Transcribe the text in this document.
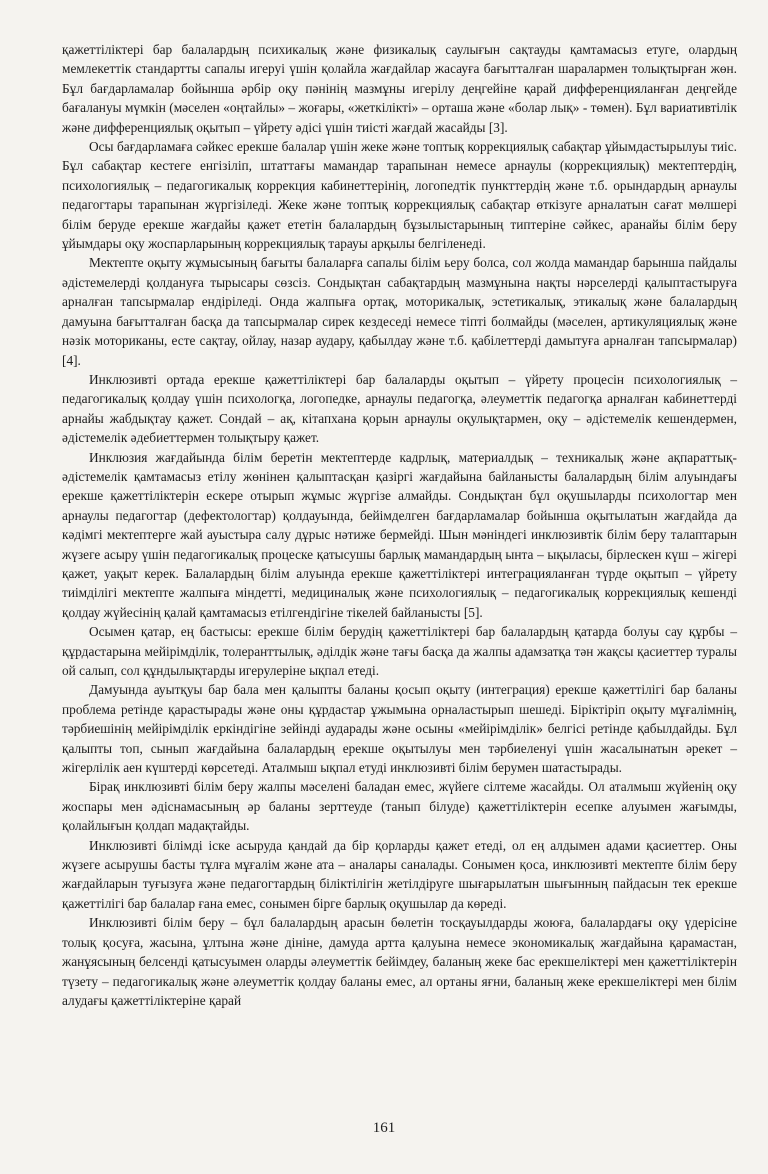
қажеттіліктері бар балалардың психикалық және физикалық саулығын сақтауды қамтамасыз етуге, олардың мемлекеттік стандартты сапалы игеруі үшін қолайла жағдайлар жасауға бағытталған шаралармен толықтырған жөн. Бұл бағдарламалар бойынша әрбір оқу пәнінің мазмұны игерілу деңгейіне қарай дифференцияланған деңгейде бағалануы мүмкін (мәселен «оңтайлы» – жоғары, «жеткілікті» – орташа және «болар лық» - төмен). Бұл вариативтілік және дифференциялық оқытып – үйрету әдісі үшін тиісті жағдай жасайды [3].

Осы бағдарламаға сәйкес ерекше балалар үшін жеке және топтық коррекциялық сабақтар ұйымдастырылуы тиіс. Бұл сабақтар кестеге енгізіліп, штаттағы мамандар тарапынан немесе арнаулы (коррекциялық) мектептердің, психологиялық – педагогикалық коррекция кабинеттерінің, логопедтік пункттердің және т.б. орындардың арнаулы педагогтары тарапынан жүргізіледі. Жеке және топтық коррекциялық сабақтар өткізуге арналатын сағат мөлшері білім беруде ерекше жағдайы қажет ететін балалардың бұзылыстарының типтеріне сәйкес, аранайы білім беру ұйымдары оқу жоспарларының коррекциялық тарауы арқылы белгіленеді.

Мектепте оқыту жұмысының бағыты балаларға сапалы білім ьеру болса, сол жолда мамандар барынша пайдалы әдістемелерді қолдануға тырысары сөзсіз. Сондықтан сабақтардың мазмұнына нақты нәрселерді қалыптастыруға арналған тапсырмалар ендіріледі. Онда жалпыға ортақ, моторикалық, эстетикалық, этикалық және балалардың дамуына бағытталған басқа да тапсырмалар сирек кездеседі немесе тіпті болмайды (мәселен, артикуляциялық және нәзік моториканы, есте сақтау, ойлау, назар аудару, қабылдау және т.б. қабілеттерді дамытуға арналған тапсырмалар) [4].

Инклюзивті ортада ерекше қажеттіліктері бар балаларды оқытып – үйрету процесін психологиялық – педагогикалық қолдау үшін психологқа, логопедке, арнаулы педагогқа, әлеуметтік педагогқа арналған кабинеттерді арнайы жабдықтау қажет. Сондай – ақ, кітапхана қорын арнаулы оқулықтармен, оқу – әдістемелік кешендермен, әдістемелік әдебиеттермен толықтыру қажет.

Инклюзия жағдайында білім беретін мектептерде кадрлық, материалдық – техникалық және ақпараттық-әдістемелік қамтамасыз етілу жөнінен қалыптасқан қазіргі жағдайына байланысты балалардың білім алуындағы ерекше қажеттіліктерін ескере отырып жұмыс жүргізе алмайды. Сондықтан бұл оқушыларды психологтар мен арнаулы педагогтар (дефектологтар) қолдауында, бейімделген бағдарламалар бойынша оқытылатын жағдайда да кәдімгі мектептерге жай ауыстыра салу дұрыс нәтиже бермейді. Шын мәніндегі инклюзивтік білім беру талаптарын жүзеге асыру үшін педагогикалық процеске қатысушы барлық мамандардың ынта – ықыласы, бірлескен күш – жігері қажет, уақыт керек. Балалардың білім алуында ерекше қажеттіліктері интеграцияланған түрде оқытып – үйрету тиімділігі мектепте жалпыға міндетті, медициналық және психологиялық – педагогикалық коррекциялық кешенді қолдау жүйесінің қалай қамтамасыз етілгендігіне тікелей байланысты [5].

Осымен қатар, ең бастысы: ерекше білім берудің қажеттіліктері бар балалардың қатарда болуы сау құрбы – құрдастарына мейірімділік, толеранттылық, әділдік және тағы басқа да жалпы адамзатқа тән жақсы қасиеттер туралы ой салып, сол құндылықтарды игерулеріне ықпал етеді.

Дамуында ауытқуы бар бала мен қалыпты баланы қосып оқыту (интеграция) ерекше қажеттілігі бар баланы проблема ретінде қарастырады және оны құрдастар ұжымына орналастырып шешеді. Біріктіріп оқыту мұғалімнің, тәрбиешінің мейірімділік еркіндігіне зейінді аударады және осыны «мейірімділік» белгісі ретінде қабылдайды. Бұл қалыпты топ, сынып жағдайына балалардың ерекше оқытылуы мен тәрбиеленуі үшін жасалынатын әрекет – жігерлілік аен күштерді көрсетеді. Аталмыш ықпал етуді инклюзивті білім берумен шатастырады.

Бірақ инклюзивті білім беру жалпы мәселені баладан емес, жүйеге сілтеме жасайды. Ол аталмыш жүйенің оқу жоспары мен әдіснамасының әр баланы зерттеуде (танып білуде) қажеттіліктерін есепке алуымен жағымды, қолайлығын қолдап мадақтайды.

Инклюзивті білімді іске асыруда қандай да бір қорларды қажет етеді, ол ең алдымен адами қасиеттер. Оны жүзеге асырушы басты тұлға мұғалім және ата – аналары саналады. Сонымен қоса, инклюзивті мектепте білім беру жағдайларын туғызуға және педагогтардың біліктілігін жетілдіруге шығарылатын шығынның пайдасын тек ерекше қажеттілігі бар балалар ғана емес, сонымен бірге барлық оқушылар да көреді.

Инклюзивті білім беру – бұл балалардың арасын бөлетін тосқауылдарды жоюға, балалардағы оқу үдерісіне толық қосуға, жасына, ұлтына және дініне, дамуда артта қалуына немесе экономикалық жағдайына қарамастан, жанұясының белсенді қатысуымен оларды әлеуметтік бейімдеу, баланың жеке бас ерекшеліктері мен қажеттіліктерін түзету – педагогикалық және әлеуметтік қолдау баланы емес, ал ортаны яғни, баланың жеке ерекшеліктері мен білім алудағы қажеттіліктеріне қарай

161
